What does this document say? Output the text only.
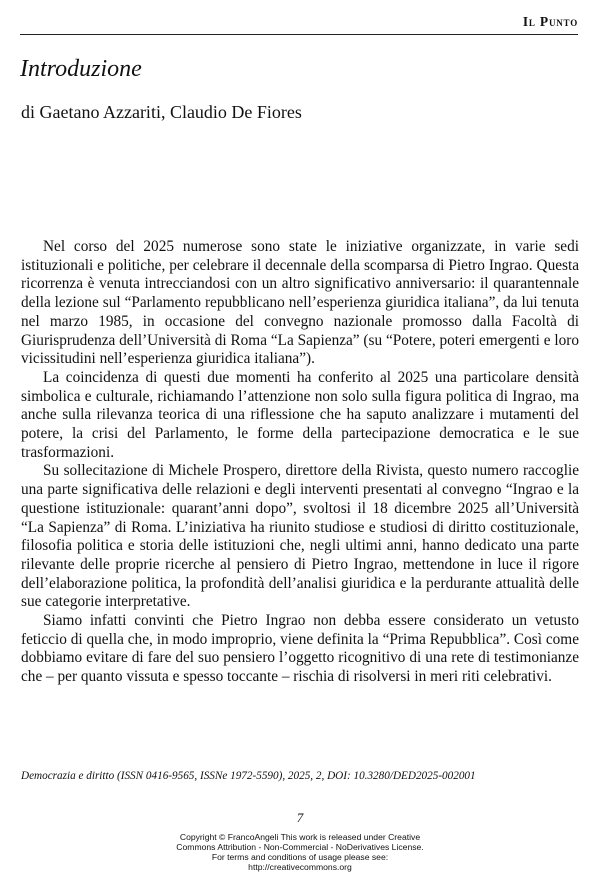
Il Punto
Introduzione
di Gaetano Azzariti, Claudio De Fiores

Nel corso del 2025 numerose sono state le iniziative organizzate, in varie sedi istituzionali e politiche, per celebrare il decennale della scomparsa di Pietro Ingrao. Questa ricorrenza è venuta intrecciandosi con un altro significativo anniversario: il quarantennale della lezione sul “Parlamento repubblicano nell’esperienza giuridica italiana”, da lui tenuta nel marzo 1985, in occasione del convegno nazionale promosso dalla Facoltà di Giurisprudenza dell’Università di Roma “La Sapienza” (su “Potere, poteri emergenti e loro vicissitudini nell’esperienza giuridica italiana”).

La coincidenza di questi due momenti ha conferito al 2025 una particolare densità simbolica e culturale, richiamando l’attenzione non solo sulla figura politica di Ingrao, ma anche sulla rilevanza teorica di una riflessione che ha saputo analizzare i mutamenti del potere, la crisi del Parlamento, le forme della partecipazione democratica e le sue trasformazioni.

Su sollecitazione di Michele Prospero, direttore della Rivista, questo numero raccoglie una parte significativa delle relazioni e degli interventi presentati al convegno “Ingrao e la questione istituzionale: quarant’anni dopo”, svoltosi il 18 dicembre 2025 all’Università “La Sapienza” di Roma. L’iniziativa ha riunito studiose e studiosi di diritto costituzionale, filosofia politica e storia delle istituzioni che, negli ultimi anni, hanno dedicato una parte rilevante delle proprie ricerche al pensiero di Pietro Ingrao, mettendone in luce il rigore dell’elaborazione politica, la profondità dell’analisi giuridica e la perdurante attualità delle sue categorie interpretative.

Siamo infatti convinti che Pietro Ingrao non debba essere considerato un vetusto feticcio di quella che, in modo improprio, viene definita la “Prima Repubblica”. Così come dobbiamo evitare di fare del suo pensiero l’oggetto ricognitivo di una rete di testimonianze che – per quanto vissuta e spesso toccante – rischia di risolversi in meri riti celebrativi.

Democrazia e diritto (ISSN 0416-9565, ISSNe 1972-5590), 2025, 2, DOI: 10.3280/DED2025-002001
7
Copyright © FrancoAngeli This work is released under Creative
Commons Attribution - Non-Commercial - NoDerivatives License.
For terms and conditions of usage please see:
http://creativecommons.org
